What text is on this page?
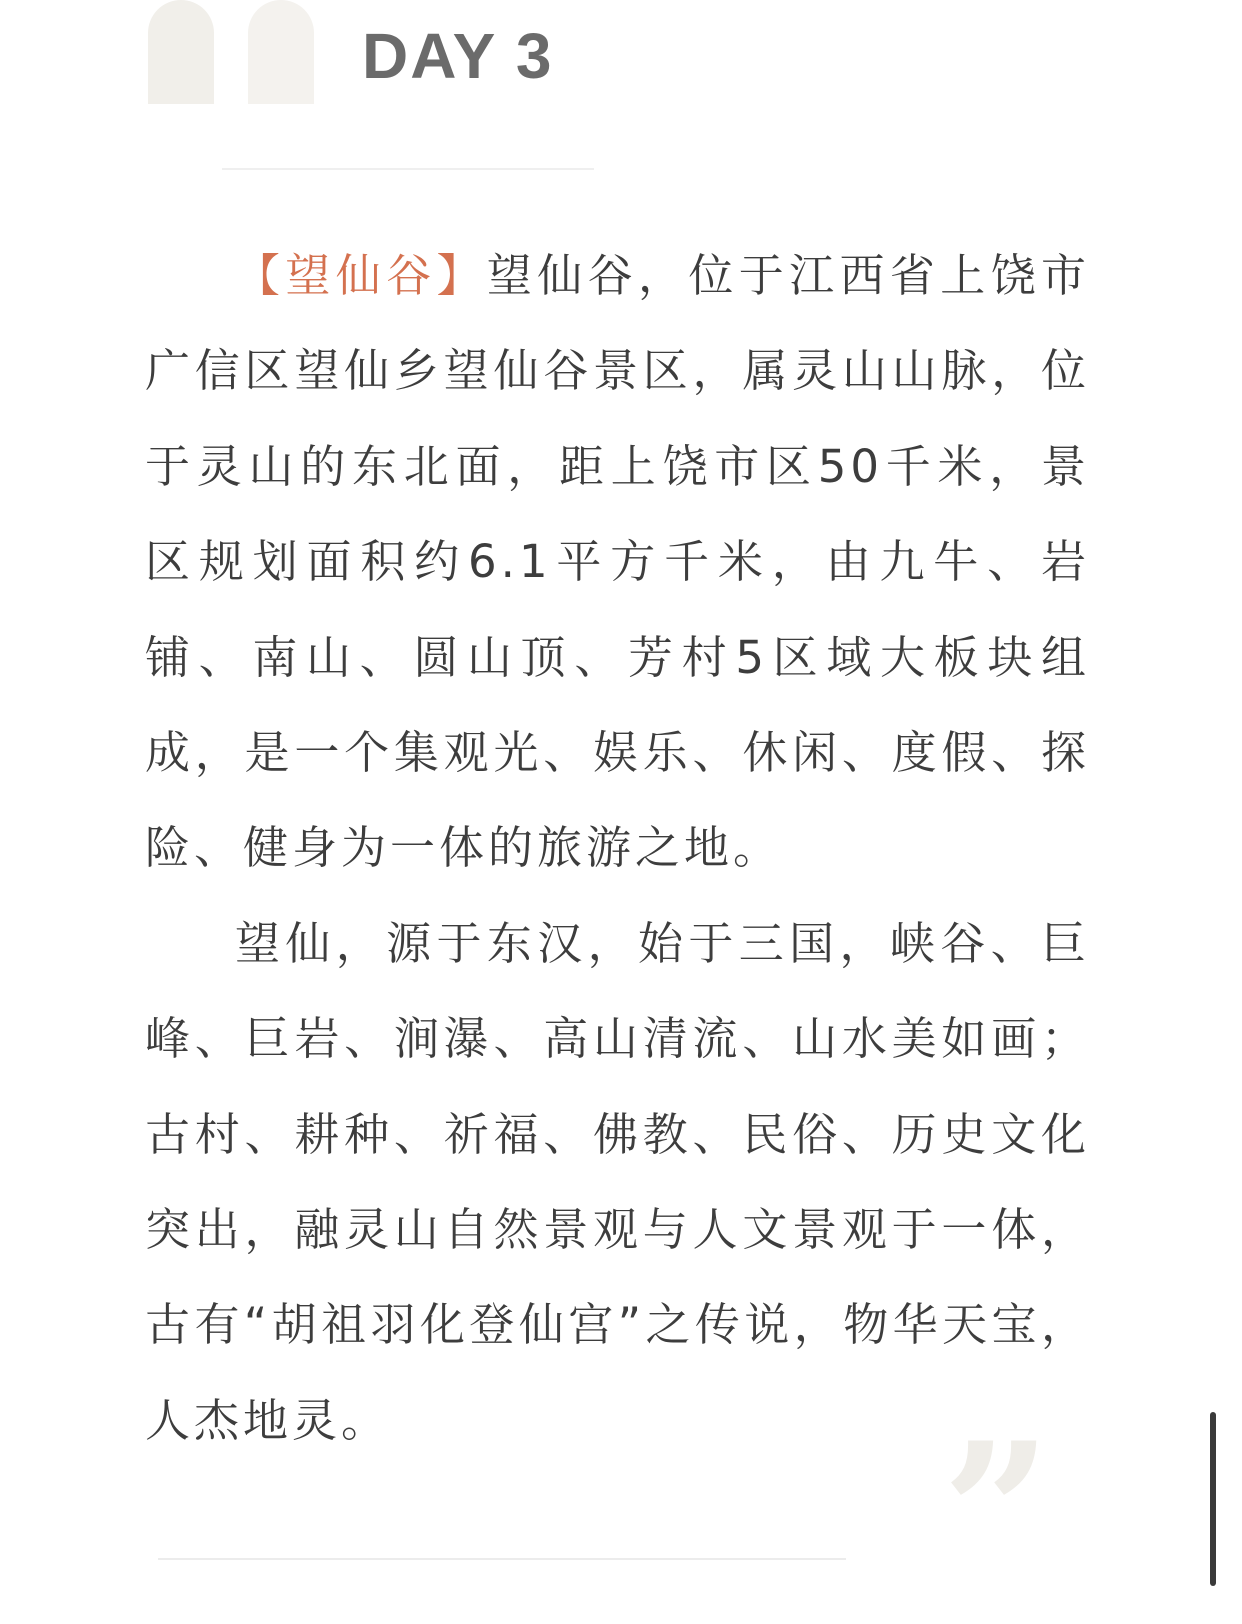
DAY 3

【望仙谷】望仙谷，位于江西省上饶市广信区望仙乡望仙谷景区，属灵山山脉，位于灵山的东北面，距上饶市区50千米，景区规划面积约6.1平方千米，由九牛、岩铺、南山、圆山顶、芳村5区域大板块组成，是一个集观光、娱乐、休闲、度假、探险、健身为一体的旅游之地。

望仙，源于东汉，始于三国，峡谷、巨峰、巨岩、涧瀑、高山清流、山水美如画；古村、耕种、祈福、佛教、民俗、历史文化突出，融灵山自然景观与人文景观于一体，古有“胡祖羽化登仙宫”之传说，物华天宝，人杰地灵。	”
